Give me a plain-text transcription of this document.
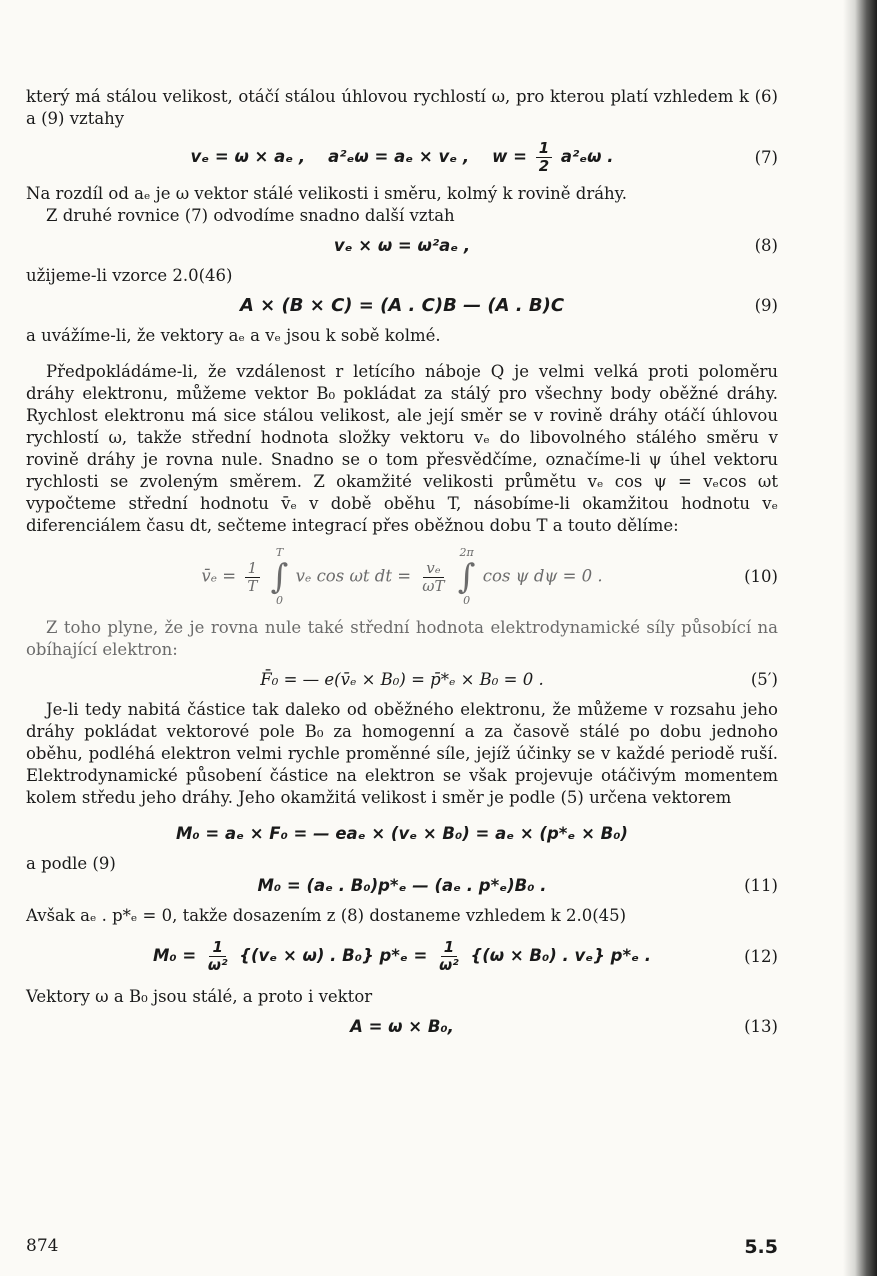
který má stálou velikost, otáčí stálou úhlovou rychlostí ω, pro kterou platí vzhledem k (6) a (9) vztahy

vₑ = ω × aₑ , a²ₑω = aₑ × vₑ , $w = \frac{1}{2} a^2_e\omega$ .	(7)

Na rozdíl od aₑ je ω vektor stálé velikosti i směru, kolmý k rovině dráhy.

Z druhé rovnice (7) odvodíme snadno další vztah

vₑ × ω = ω²aₑ ,	(8)

užijeme-li vzorce 2.0(46)

A × (B × C) = (A . C)B — (A . B)C	(9)

a uvážíme-li, že vektory aₑ a vₑ jsou k sobě kolmé.

Předpokládáme-li, že vzdálenost r letícího náboje Q je velmi velká proti poloměru dráhy elektronu, můžeme vektor B₀ pokládat za stálý pro všechny body oběžné dráhy. Rychlost elektronu má sice stálou velikost, ale její směr se v rovině dráhy otáčí úhlovou rychlostí ω, takže střední hodnota složky vektoru vₑ do libovolného stálého směru v rovině dráhy je rovna nule. Snadno se o tom přesvědčíme, označíme-li ψ úhel vektoru rychlosti se zvoleným směrem. Z okamžité velikosti průmětu vₑ cos ψ = vₑcos ωt vypočteme střední hodnotu v̄ₑ v době oběhu T, násobíme-li okamžitou hodnotu vₑ diferenciálem času dt, sečteme integrací přes oběžnou dobu T a touto dělíme:

v̄ₑ = $\frac{1}{T}$

T
∫
0
vₑ cos ωt dt = $\frac{\text{vₑ}}{\omega T}$

2π
∫
0
cos ψ dψ = 0 .	(10)

Z toho plyne, že je rovna nule také střední hodnota elektrodynamické síly působící na obíhající elektron:

F̄₀ = — e(v̄ₑ × B₀) = p̄*ₑ × B₀ = 0 .	(5′)

Je-li tedy nabitá částice tak daleko od oběžného elektronu, že můžeme v rozsahu jeho dráhy pokládat vektorové pole B₀ za homogenní a za časově stálé po dobu jednoho oběhu, podléhá elektron velmi rychle proměnné síle, jejíž účinky se v každé periodě ruší. Elektrodynamické působení částice na elektron se však projevuje otáčivým momentem kolem středu jeho dráhy. Jeho okamžitá velikost i směr je podle (5) určena vektorem

M₀ = aₑ × F₀ = — eaₑ × (vₑ × B₀) = aₑ × (p*ₑ × B₀)

a podle (9)

M₀ = (aₑ . B₀)p*ₑ — (aₑ . p*ₑ)B₀ .	(11)

Avšak aₑ . p*ₑ = 0, takže dosazením z (8) dostaneme vzhledem k 2.0(45)

$M_0 = \frac{1}{\text{ω²}} \{(v_e \times \omega)$ . B₀} $p*_e = \frac{1}{\text{ω²}} \{(\omega \times B_0)$ . vₑ} p*ₑ .	(12)

Vektory ω a B₀ jsou stálé, a proto i vektor

A = ω × B₀,	(13)
874	5.5
